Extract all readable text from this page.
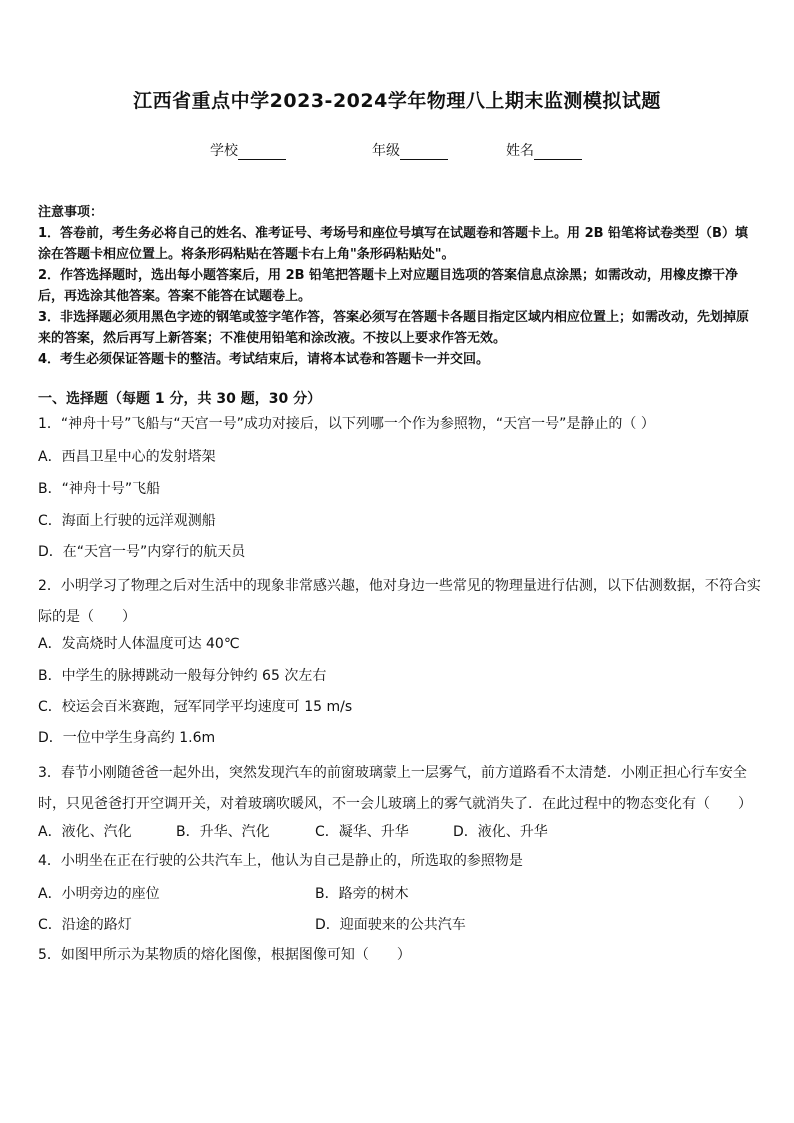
江西省重点中学2023-2024学年物理八上期末监测模拟试题
学校	年级	姓名

注意事项：

1．答卷前，考生务必将自己的姓名、准考证号、考场号和座位号填写在试题卷和答题卡上。用 2B 铅笔将试卷类型（B）填涂在答题卡相应位置上。将条形码粘贴在答题卡右上角"条形码粘贴处"。

2．作答选择题时，选出每小题答案后，用 2B 铅笔把答题卡上对应题目选项的答案信息点涂黑；如需改动，用橡皮擦干净后，再选涂其他答案。答案不能答在试题卷上。

3．非选择题必须用黑色字迹的钢笔或签字笔作答，答案必须写在答题卡各题目指定区域内相应位置上；如需改动，先划掉原来的答案，然后再写上新答案；不准使用铅笔和涂改液。不按以上要求作答无效。

4．考生必须保证答题卡的整洁。考试结束后，请将本试卷和答题卡一并交回。

一、选择题（每题 1 分，共 30 题，30 分）
1．“神舟十号”飞船与“天宫一号”成功对接后，以下列哪一个作为参照物，“天宫一号”是静止的（ ）
A．西昌卫星中心的发射塔架
B．“神舟十号”飞船
C．海面上行驶的远洋观测船
D．在“天宫一号”内穿行的航天员
2．小明学习了物理之后对生活中的现象非常感兴趣，他对身边一些常见的物理量进行估测，以下估测数据，不符合实际的是（　　）
A．发高烧时人体温度可达 40℃
B．中学生的脉搏跳动一般每分钟约 65 次左右
C．校运会百米赛跑，冠军同学平均速度可 15 m/s
D．一位中学生身高约 1.6m
3．春节小刚随爸爸一起外出，突然发现汽车的前窗玻璃蒙上一层雾气，前方道路看不太清楚．小刚正担心行车安全时，只见爸爸打开空调开关，对着玻璃吹暖风，不一会儿玻璃上的雾气就消失了．在此过程中的物态变化有（　　）
A．液化、汽化	B．升华、汽化	C．凝华、升华	D．液化、升华
4．小明坐在正在行驶的公共汽车上，他认为自己是静止的，所选取的参照物是
A．小明旁边的座位	B．路旁的树木
C．沿途的路灯	D．迎面驶来的公共汽车
5．如图甲所示为某物质的熔化图像，根据图像可知（　　）
